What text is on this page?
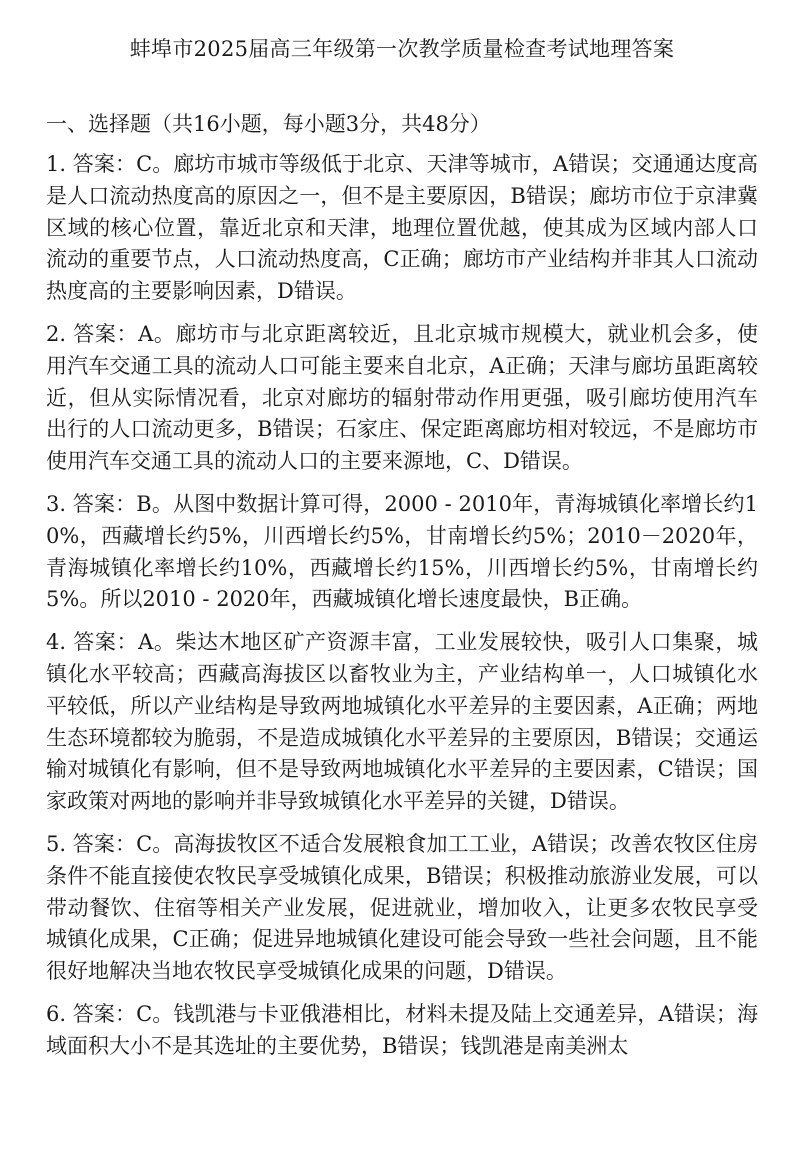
蚌埠市2025届高三年级第一次教学质量检查考试地理答案
一、选择题（共16小题，每小题3分，共48分）
1. 答案：C。廊坊市城市等级低于北京、天津等城市，A错误；交通通达度高是人口流动热度高的原因之一，但不是主要原因，B错误；廊坊市位于京津冀区域的核心位置，靠近北京和天津，地理位置优越，使其成为区域内部人口流动的重要节点，人口流动热度高，C正确；廊坊市产业结构并非其人口流动热度高的主要影响因素，D错误。
2. 答案：A。廊坊市与北京距离较近，且北京城市规模大，就业机会多，使用汽车交通工具的流动人口可能主要来自北京，A正确；天津与廊坊虽距离较近，但从实际情况看，北京对廊坊的辐射带动作用更强，吸引廊坊使用汽车出行的人口流动更多，B错误；石家庄、保定距离廊坊相对较远，不是廊坊市使用汽车交通工具的流动人口的主要来源地，C、D错误。
3. 答案：B。从图中数据计算可得，2000 - 2010年，青海城镇化率增长约10%，西藏增长约5%，川西增长约5%，甘南增长约5%；2010－2020年，青海城镇化率增长约10%，西藏增长约15%，川西增长约5%，甘南增长约5%。所以2010 - 2020年，西藏城镇化增长速度最快，B正确。
4. 答案：A。柴达木地区矿产资源丰富，工业发展较快，吸引人口集聚，城镇化水平较高；西藏高海拔区以畜牧业为主，产业结构单一，人口城镇化水平较低，所以产业结构是导致两地城镇化水平差异的主要因素，A正确；两地生态环境都较为脆弱，不是造成城镇化水平差异的主要原因，B错误；交通运输对城镇化有影响，但不是导致两地城镇化水平差异的主要因素，C错误；国家政策对两地的影响并非导致城镇化水平差异的关键，D错误。
5. 答案：C。高海拔牧区不适合发展粮食加工工业，A错误；改善农牧区住房条件不能直接使农牧民享受城镇化成果，B错误；积极推动旅游业发展，可以带动餐饮、住宿等相关产业发展，促进就业，增加收入，让更多农牧民享受城镇化成果，C正确；促进异地城镇化建设可能会导致一些社会问题，且不能很好地解决当地农牧民享受城镇化成果的问题，D错误。
6. 答案：C。钱凯港与卡亚俄港相比，材料未提及陆上交通差异，A错误；海域面积大小不是其选址的主要优势，B错误；钱凯港是南美洲太
